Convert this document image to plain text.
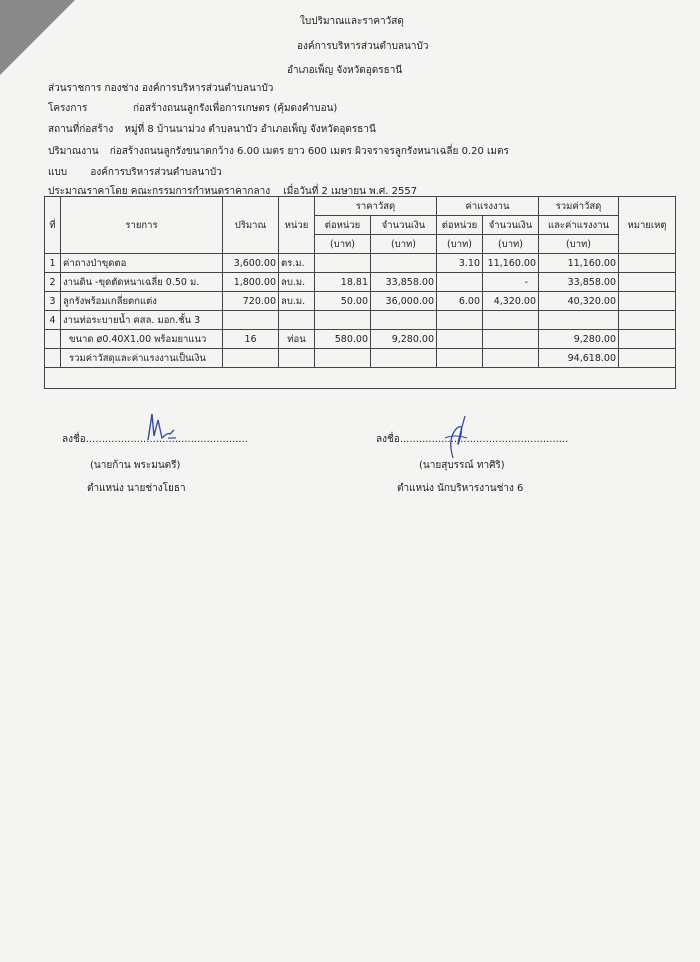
ใบปริมาณและราคาวัสดุ
องค์การบริหารส่วนตำบลนาบัว
อำเภอเพ็ญ จังหวัดอุดรธานี
ส่วนราชการ กองช่าง องค์การบริหารส่วนตำบลนาบัว
โครงการ	ก่อสร้างถนนลูกรังเพื่อการเกษตร (คุ้มดงคำบอน)
สถานที่ก่อสร้าง หมู่ที่ 8 บ้านนาม่วง ตำบลนาบัว อำเภอเพ็ญ จังหวัดอุดรธานี
ปริมาณงาน ก่อสร้างถนนลูกรังขนาดกว้าง 6.00 เมตร ยาว 600 เมตร ผิวจราจรลูกรังหนาเฉลี่ย 0.20 เมตร
แบบ องค์การบริหารส่วนตำบลนาบัว
ประมาณราคาโดย คณะกรรมการกำหนดราคากลาง เมื่อวันที่ 2 เมษายน พ.ศ. 2557
ที่	รายการ	ปริมาณ	หน่วย	ราคาวัสดุ		ค่าแรงงาน		รวมค่าวัสดุ	หมายเหตุ
				ต่อหน่วย	จำนวนเงิน	ต่อหน่วย	จำนวนเงิน	และค่าแรงงาน	
				(บาท)	(บาท)	(บาท)	(บาท)	(บาท)	
1	ค่าถางป่าขุดตอ	3,600.00	ตร.ม.			3.10	11,160.00	11,160.00	
2	งานดิน -ขุดตัดหนาเฉลี่ย 0.50 ม.	1,800.00	ลบ.ม.	18.81	33,858.00		-	33,858.00	
3	ลูกรังพร้อมเกลี่ยตกแต่ง	720.00	ลบ.ม.	50.00	36,000.00	6.00	4,320.00	40,320.00	
4	งานท่อระบายน้ำ คสล. มอก.ชั้น 3								
	ขนาด ø0.40X1.00 พร้อมยาแนว	16	ท่อน	580.00	9,280.00			9,280.00	
	รวมค่าวัสดุและค่าแรงงานเป็นเงิน							94,618.00	

ลงชื่อ...................................................
(นายก้าน พระมนตรี)
ตำแหน่ง นายช่างโยธา
ลงชื่อ.....................................................
(นายสุบรรณ์ ทาศิริ)
ตำแหน่ง นักบริหารงานช่าง 6
